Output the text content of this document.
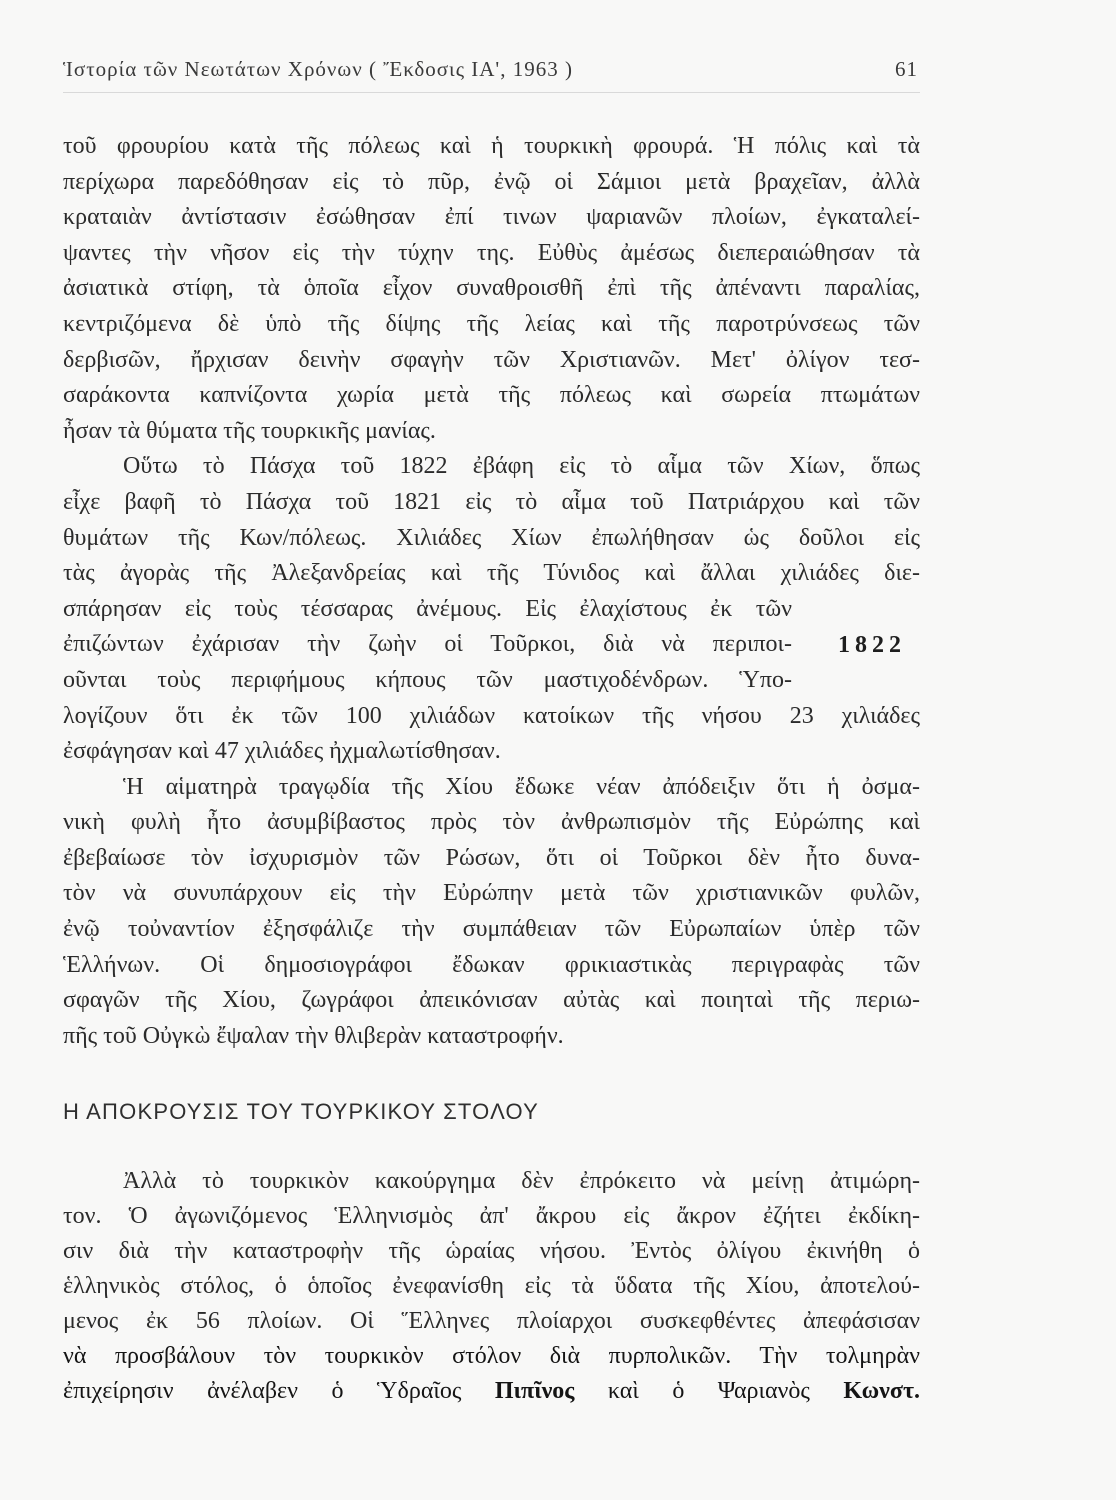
Ἱστορία τῶν Νεωτάτων Χρόνων ( Ἔκδοσις ΙΑ', 1963 )	61
τοῦ φρουρίου κατὰ τῆς πόλεως καὶ ἡ τουρκικὴ φρουρά. Ἡ πόλις καὶ τὰ
περίχωρα παρεδόθησαν εἰς τὸ πῦρ, ἐνῷ οἱ Σάμιοι μετὰ βραχεῖαν, ἀλλὰ
κραταιὰν ἀντίστασιν ἐσώθησαν ἐπί τινων ψαριανῶν πλοίων, ἐγκαταλεί-
ψαντες τὴν νῆσον εἰς τὴν τύχην της. Εὐθὺς ἀμέσως διεπεραιώθησαν τὰ
ἀσιατικὰ στίφη, τὰ ὁποῖα εἶχον συναθροισθῆ ἐπὶ τῆς ἀπέναντι παραλίας,
κεντριζόμενα δὲ ὑπὸ τῆς δίψης τῆς λείας καὶ τῆς παροτρύνσεως τῶν
δερβισῶν, ἤρχισαν δεινὴν σφαγὴν τῶν Χριστιανῶν. Μετ' ὀλίγον τεσ-
σαράκοντα καπνίζοντα χωρία μετὰ τῆς πόλεως καὶ σωρεία πτωμάτων
ἦσαν τὰ θύματα τῆς τουρκικῆς μανίας.
Οὕτω τὸ Πάσχα τοῦ 1822 ἐβάφη εἰς τὸ αἷμα τῶν Χίων, ὅπως
εἶχε βαφῆ τὸ Πάσχα τοῦ 1821 εἰς τὸ αἷμα τοῦ Πατριάρχου καὶ τῶν
θυμάτων τῆς Κων/πόλεως. Χιλιάδες Χίων ἐπωλήθησαν ὡς δοῦλοι εἰς
τὰς ἀγορὰς τῆς Ἀλεξανδρείας καὶ τῆς Τύνιδος καὶ ἄλλαι χιλιάδες διε-
σπάρησαν εἰς τοὺς τέσσαρας ἀνέμους. Εἰς ἐλαχίστους ἐκ τῶν
ἐπιζώντων ἐχάρισαν τὴν ζωὴν οἱ Τοῦρκοι, διὰ νὰ περιποι-
οῦνται τοὺς περιφήμους κήπους τῶν μαστιχοδένδρων. Ὑπο-
λογίζουν ὅτι ἐκ τῶν 100 χιλιάδων κατοίκων τῆς νήσου 23 χιλιάδες
ἐσφάγησαν καὶ 47 χιλιάδες ἠχμαλωτίσθησαν.
Ἡ αἱματηρὰ τραγῳδία τῆς Χίου ἔδωκε νέαν ἀπόδειξιν ὅτι ἡ ὀσμα-
νικὴ φυλὴ ἦτο ἀσυμβίβαστος πρὸς τὸν ἀνθρωπισμὸν τῆς Εὐρώπης καὶ
ἐβεβαίωσε τὸν ἰσχυρισμὸν τῶν Ρώσων, ὅτι οἱ Τοῦρκοι δὲν ἦτο δυνα-
τὸν νὰ συνυπάρχουν εἰς τὴν Εὐρώπην μετὰ τῶν χριστιανικῶν φυλῶν,
ἐνῷ τοὐναντίον ἐξησφάλιζε τὴν συμπάθειαν τῶν Εὐρωπαίων ὑπὲρ τῶν
Ἑλλήνων. Οἱ δημοσιογράφοι ἔδωκαν φρικιαστικὰς περιγραφὰς τῶν
σφαγῶν τῆς Χίου, ζωγράφοι ἀπεικόνισαν αὐτὰς καὶ ποιηταὶ τῆς περιω-
πῆς τοῦ Οὐγκὼ ἔψαλαν τὴν θλιβερὰν καταστροφήν.
1822
Η ΑΠΟΚΡΟΥΣΙΣ ΤΟΥ ΤΟΥΡΚΙΚΟΥ ΣΤΟΛΟΥ
Ἀλλὰ τὸ τουρκικὸν κακούργημα δὲν ἐπρόκειτο νὰ μείνῃ ἀτιμώρη-
τον. Ὁ ἀγωνιζόμενος Ἑλληνισμὸς ἀπ' ἄκρου εἰς ἄκρον ἐζήτει ἐκδίκη-
σιν διὰ τὴν καταστροφὴν τῆς ὡραίας νήσου. Ἐντὸς ὀλίγου ἐκινήθη ὁ
ἑλληνικὸς στόλος, ὁ ὁποῖος ἐνεφανίσθη εἰς τὰ ὕδατα τῆς Χίου, ἀποτελού-
μενος ἐκ 56 πλοίων. Οἱ Ἕλληνες πλοίαρχοι συσκεφθέντες ἀπεφάσισαν
νὰ προσβάλουν τὸν τουρκικὸν στόλον διὰ πυρπολικῶν. Τὴν τολμηρὰν
ἐπιχείρησιν ἀνέλαβεν ὁ Ὑδραῖος Πιπῖνος καὶ ὁ Ψαριανὸς Κωνστ.
